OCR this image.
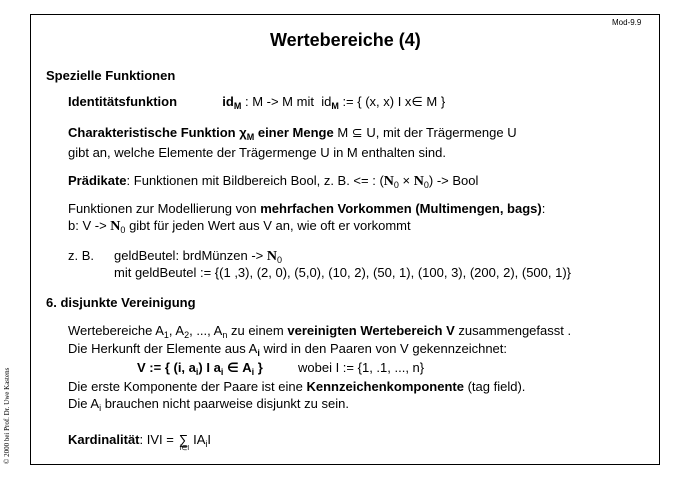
Mod-9.9
Wertebereiche (4)
© 2000 bei Prof. Dr. Uwe Kastens
Spezielle Funktionen
Identitätsfunktion	$id_M$ : M -> M mit $id_M$ := { (x, x) I x∈ M }
Charakteristische Funktion $\chi_M$ einer Menge M ⊆ U, mit der Trägermenge U
gibt an, welche Elemente der Trägermenge U in M enthalten sind.
Prädikate: Funktionen mit Bildbereich Bool, z. B. <= : $(N_0 \times N_0)$ -> Bool
Funktionen zur Modellierung von mehrfachen Vorkommen (Multimengen, bags):
b: $V -> N_0$ gibt für jeden Wert aus V an, wie oft er vorkommt
z. B. geldBeutel: brdMünzen -> $N_0$
mit geldBeutel := {(1 ,3), (2, 0), (5,0), (10, 2), (50, 1), (100, 3), (200, 2), (500, 1)}
6. disjunkte Vereinigung
Wertebereiche $A_1$, $A_2$, ..., $A_n$ zu einem vereinigten Wertebereich V zusammengefasst .
Die Herkunft der Elemente aus $A_i$ wird in den Paaren von V gekennzeichnet:
V := { (i, $a_i$) I $a_i$ ∈ $A_i$ }	wobei I := {1, .1, ..., n}
Die erste Komponente der Paare ist eine Kennzeichenkomponente (tag field).
Die $A_i$ brauchen nicht paarweise disjunkt zu sein.
Kardinalität: IVI = ∑
i∈I
$IA_iI$
